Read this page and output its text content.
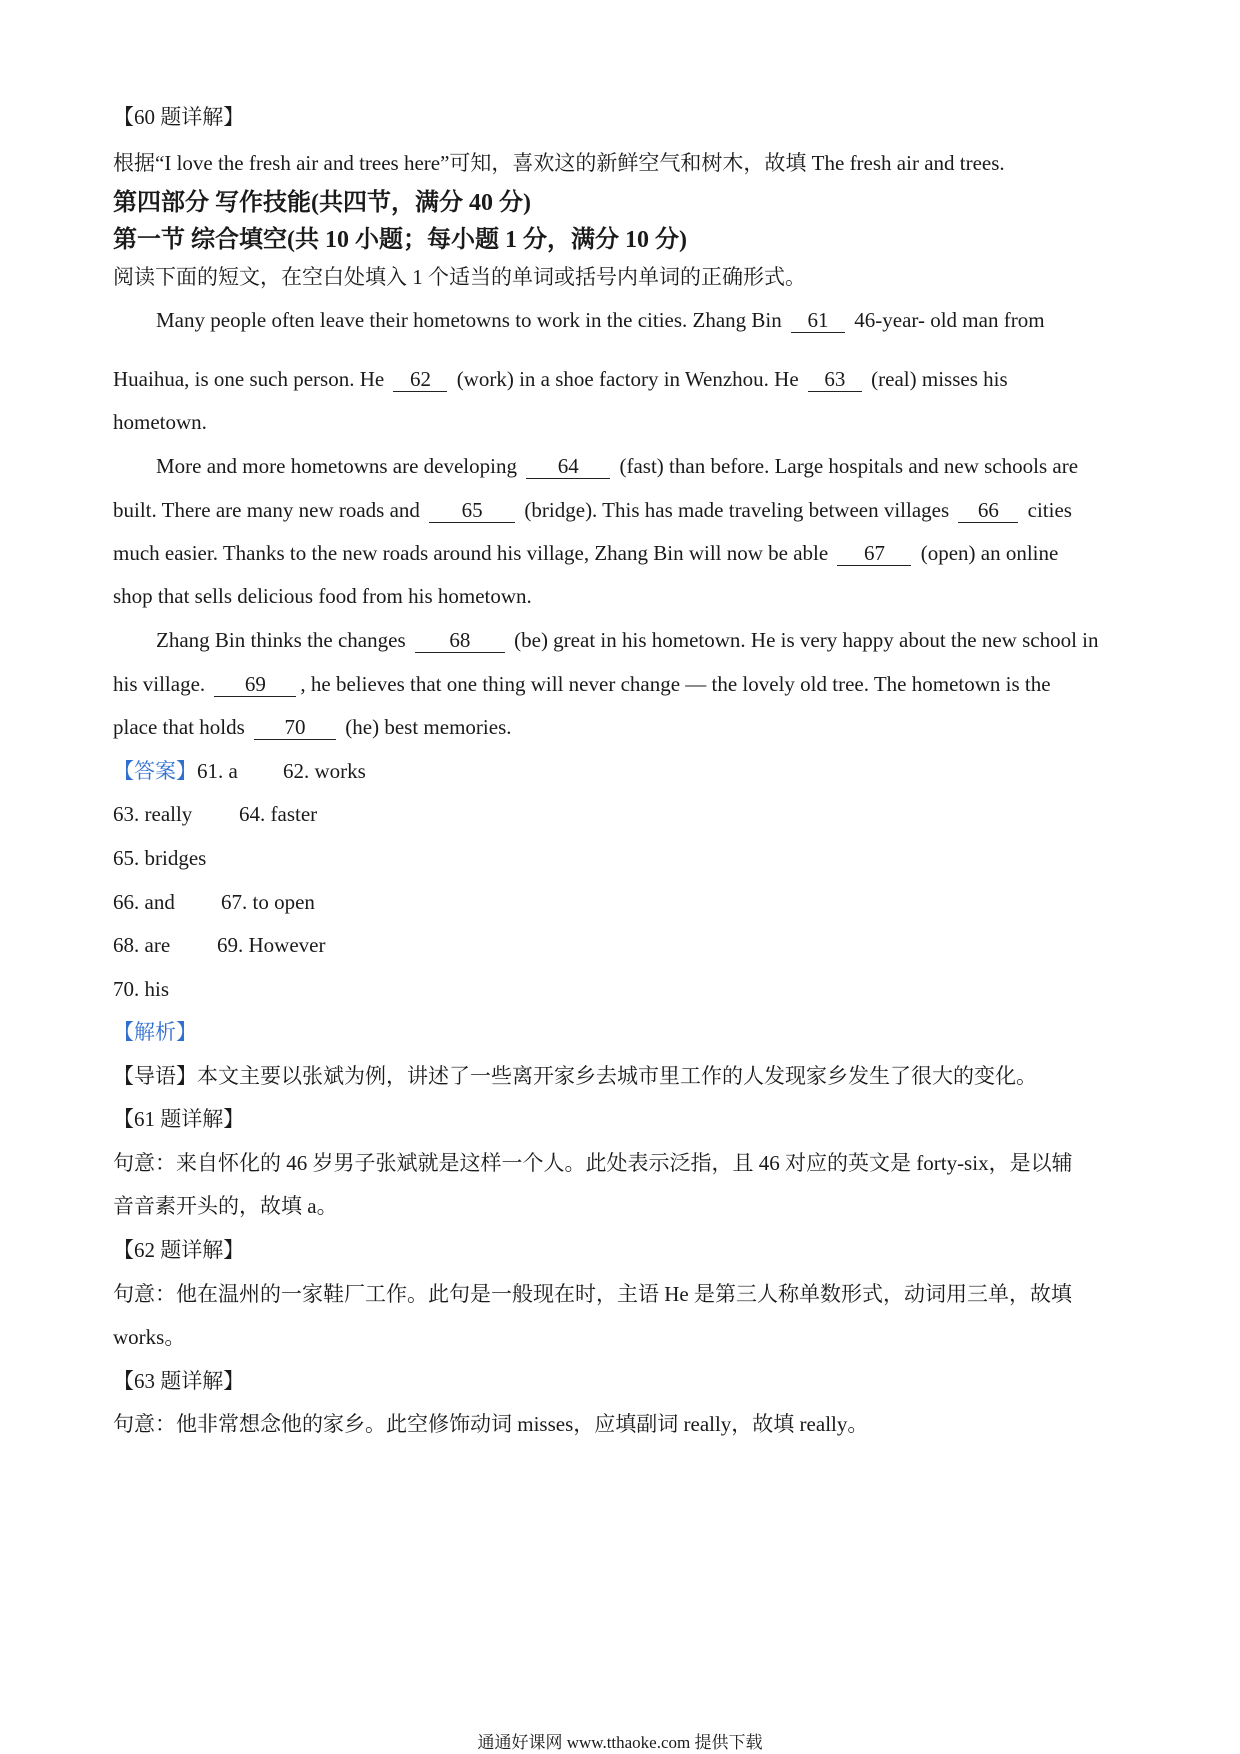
【60 题详解】
根据“I love the fresh air and trees here”可知，喜欢这的新鲜空气和树木，故填 The fresh air and trees.
第四部分 写作技能(共四节，满分 40 分)
第一节 综合填空(共 10 小题；每小题 1 分，满分 10 分)
阅读下面的短文，在空白处填入 1 个适当的单词或括号内单词的正确形式。
Many people often leave their hometowns to work in the cities. Zhang Bin 61 46-year- old man from
Huaihua, is one such person. He 62 (work) in a shoe factory in Wenzhou. He 63 (real) misses his
hometown.
More and more hometowns are developing 64 (fast) than before. Large hospitals and new schools are
built. There are many new roads and 65 (bridge). This has made traveling between villages 66 cities
much easier. Thanks to the new roads around his village, Zhang Bin will now be able 67 (open) an online
shop that sells delicious food from his hometown.
Zhang Bin thinks the changes 68 (be) great in his hometown. He is very happy about the new school in
his village. 69 , he believes that one thing will never change — the lovely old tree. The hometown is the
place that holds 70 (he) best memories.
【答案】61. a 62. works
63. really 64. faster
65. bridges
66. and 67. to open
68. are 69. However
70. his
【解析】
【导语】本文主要以张斌为例，讲述了一些离开家乡去城市里工作的人发现家乡发生了很大的变化。
【61 题详解】
句意：来自怀化的 46 岁男子张斌就是这样一个人。此处表示泛指，且 46 对应的英文是 forty-six，是以辅
音音素开头的，故填 a。
【62 题详解】
句意：他在温州的一家鞋厂工作。此句是一般现在时，主语 He 是第三人称单数形式，动词用三单，故填
works。
【63 题详解】
句意：他非常想念他的家乡。此空修饰动词 misses，应填副词 really，故填 really。
通通好课网 www.tthaoke.com 提供下载
